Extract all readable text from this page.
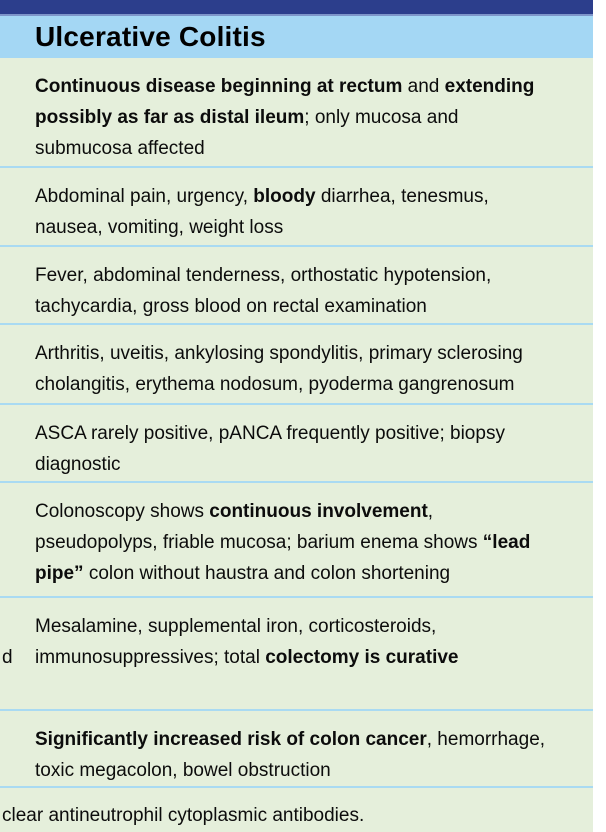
Ulcerative Colitis
Continuous disease beginning at rectum and extending
possibly as far as distal ileum; only mucosa and
submucosa affected
Abdominal pain, urgency, bloody diarrhea, tenesmus,
nausea, vomiting, weight loss
Fever, abdominal tenderness, orthostatic hypotension,
tachycardia, gross blood on rectal examination
Arthritis, uveitis, ankylosing spondylitis, primary sclerosing
cholangitis, erythema nodosum, pyoderma gangrenosum
ASCA rarely positive, pANCA frequently positive; biopsy
diagnostic
Colonoscopy shows continuous involvement,
pseudopolyps, friable mucosa; barium enema shows “lead
pipe” colon without haustra and colon shortening
Mesalamine, supplemental iron, corticosteroids,
immunosuppressives; total colectomy is curative
Significantly increased risk of colon cancer, hemorrhage,
toxic megacolon, bowel obstruction
clear antineutrophil cytoplasmic antibodies.
d
